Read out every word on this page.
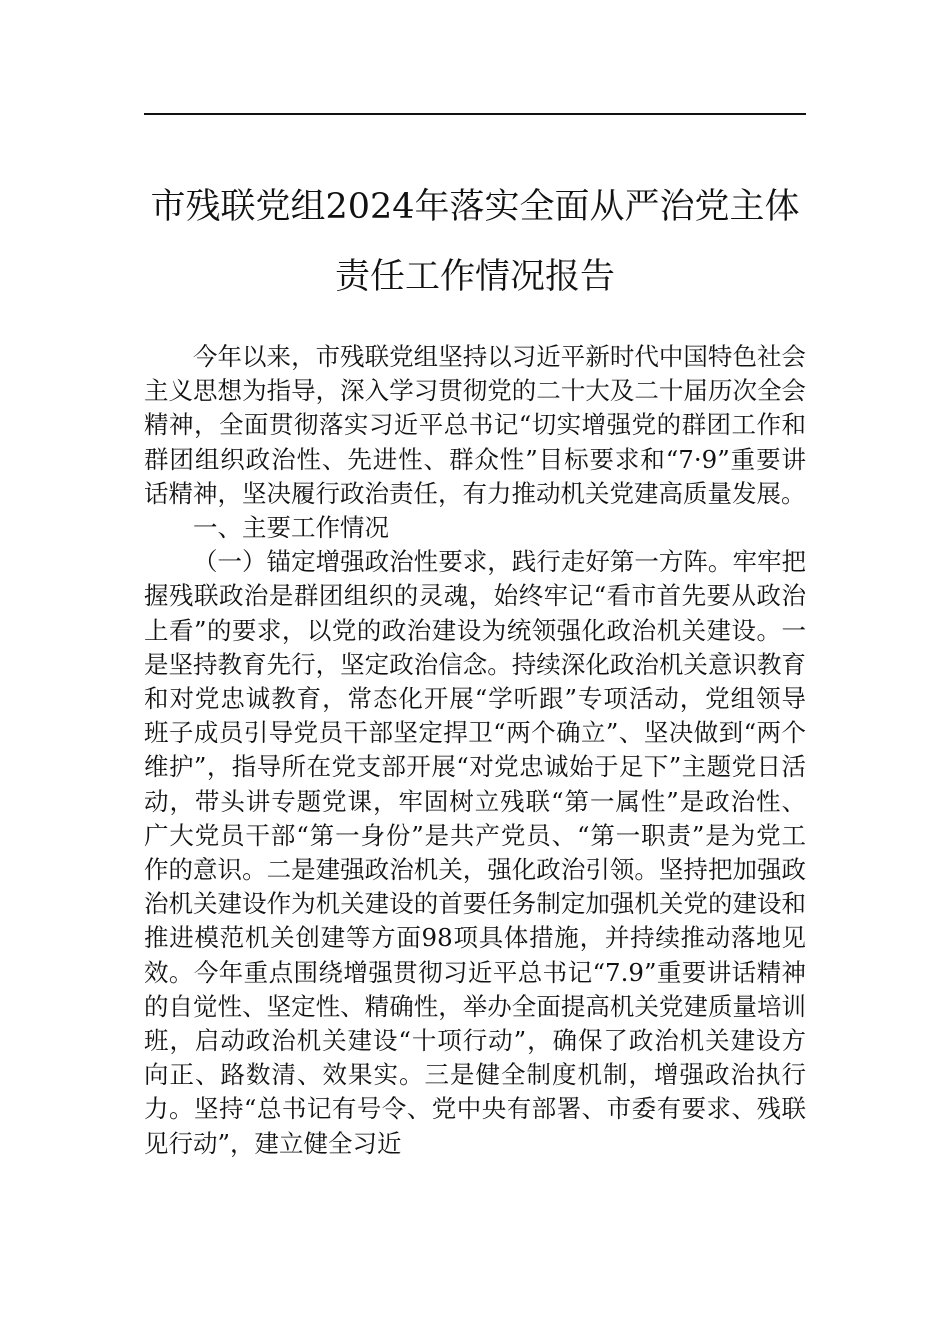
市残联党组2024年落实全面从严治党主体
责任工作情况报告

今年以来，市残联党组坚持以习近平新时代中国特色社会主义思想为指导，深入学习贯彻党的二十大及二十届历次全会精神，全面贯彻落实习近平总书记“切实增强党的群团工作和群团组织政治性、先进性、群众性”目标要求和“7·9”重要讲话精神，坚决履行政治责任，有力推动机关党建高质量发展。

一、主要工作情况

（一）锚定增强政治性要求，践行走好第一方阵。牢牢把握残联政治是群团组织的灵魂，始终牢记“看市首先要从政治上看”的要求，以党的政治建设为统领强化政治机关建设。一是坚持教育先行，坚定政治信念。持续深化政治机关意识教育和对党忠诚教育，常态化开展“学听跟”专项活动，党组领导班子成员引导党员干部坚定捍卫“两个确立”、坚决做到“两个维护”，指导所在党支部开展“对党忠诚始于足下”主题党日活动，带头讲专题党课，牢固树立残联“第一属性”是政治性、广大党员干部“第一身份”是共产党员、“第一职责”是为党工作的意识。二是建强政治机关，强化政治引领。坚持把加强政治机关建设作为机关建设的首要任务制定加强机关党的建设和推进模范机关创建等方面98项具体措施，并持续推动落地见效。今年重点围绕增强贯彻习近平总书记“7.9”重要讲话精神的自觉性、坚定性、精确性，举办全面提高机关党建质量培训班，启动政治机关建设“十项行动”，确保了政治机关建设方向正、路数清、效果实。三是健全制度机制，增强政治执行力。坚持“总书记有号令、党中央有部署、市委有要求、残联见行动”，建立健全习近
